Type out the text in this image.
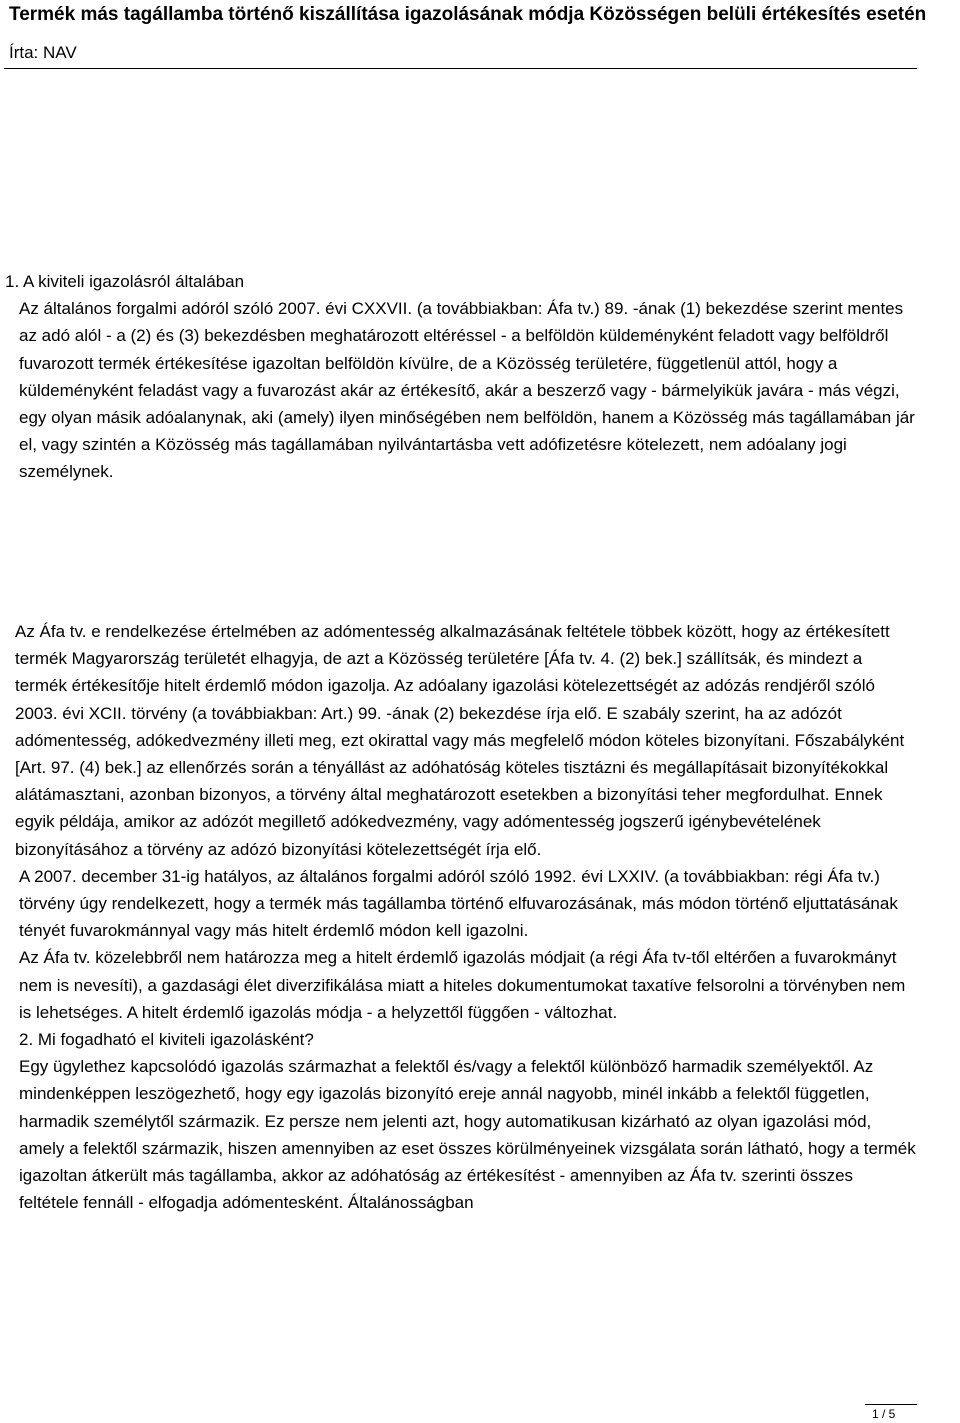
Termék más tagállamba történő kiszállítása igazolásának módja Közösségen belüli értékesítés esetén
Írta: NAV

1. A kiviteli igazolásról általában

Az általános forgalmi adóról szóló 2007. évi CXXVII. (a továbbiakban: Áfa tv.) 89. -ának (1) bekezdése szerint mentes az adó alól - a (2) és (3) bekezdésben meghatározott eltéréssel - a belföldön küldeményként feladott vagy belföldről fuvarozott termék értékesítése igazoltan belföldön kívülre, de a Közösség területére, függetlenül attól, hogy a küldeményként feladást vagy a fuvarozást akár az értékesítő, akár a beszerző vagy - bármelyikük javára - más végzi, egy olyan másik adóalanynak, aki (amely) ilyen minőségében nem belföldön, hanem a Közösség más tagállamában jár el, vagy szintén a Közösség más tagállamában nyilvántartásba vett adófizetésre kötelezett, nem adóalany jogi személynek.

Az Áfa tv. e rendelkezése értelmében az adómentesség alkalmazásának feltétele többek között, hogy az értékesített termék Magyarország területét elhagyja, de azt a Közösség területére [Áfa tv. 4. (2) bek.] szállítsák, és mindezt a termék értékesítője hitelt érdemlő módon igazolja. Az adóalany igazolási kötelezettségét az adózás rendjéről szóló 2003. évi XCII. törvény (a továbbiakban: Art.) 99. -ának (2) bekezdése írja elő. E szabály szerint, ha az adózót adómentesség, adókedvezmény illeti meg, ezt okirattal vagy más megfelelő módon köteles bizonyítani. Főszabályként [Art. 97. (4) bek.] az ellenőrzés során a tényállást az adóhatóság köteles tisztázni és megállapításait bizonyítékokkal alátámasztani, azonban bizonyos, a törvény által meghatározott esetekben a bizonyítási teher megfordulhat. Ennek egyik példája, amikor az adózót megillető adókedvezmény, vagy adómentesség jogszerű igénybevételének bizonyításához a törvény az adózó bizonyítási kötelezettségét írja elő.

A 2007. december 31-ig hatályos, az általános forgalmi adóról szóló 1992. évi LXXIV. (a továbbiakban: régi Áfa tv.) törvény úgy rendelkezett, hogy a termék más tagállamba történő elfuvarozásának, más módon történő eljuttatásának tényét fuvarokmánnyal vagy más hitelt érdemlő módon kell igazolni.

Az Áfa tv. közelebbről nem határozza meg a hitelt érdemlő igazolás módjait (a régi Áfa tv-től eltérően a fuvarokmányt nem is nevesíti), a gazdasági élet diverzifikálása miatt a hiteles dokumentumokat taxatíve felsorolni a törvényben nem is lehetséges. A hitelt érdemlő igazolás módja - a helyzettől függően - változhat.

2. Mi fogadható el kiviteli igazolásként?

Egy ügylethez kapcsolódó igazolás származhat a felektől és/vagy a felektől különböző harmadik személyektől. Az mindenképpen leszögezhető, hogy egy igazolás bizonyító ereje annál nagyobb, minél inkább a felektől független, harmadik személytől származik. Ez persze nem jelenti azt, hogy automatikusan kizárható az olyan igazolási mód, amely a felektől származik, hiszen amennyiben az eset összes körülményeinek vizsgálata során látható, hogy a termék igazoltan átkerült más tagállamba, akkor az adóhatóság az értékesítést - amennyiben az Áfa tv. szerinti összes feltétele fennáll - elfogadja adómentesként. Általánosságban

1 / 5
